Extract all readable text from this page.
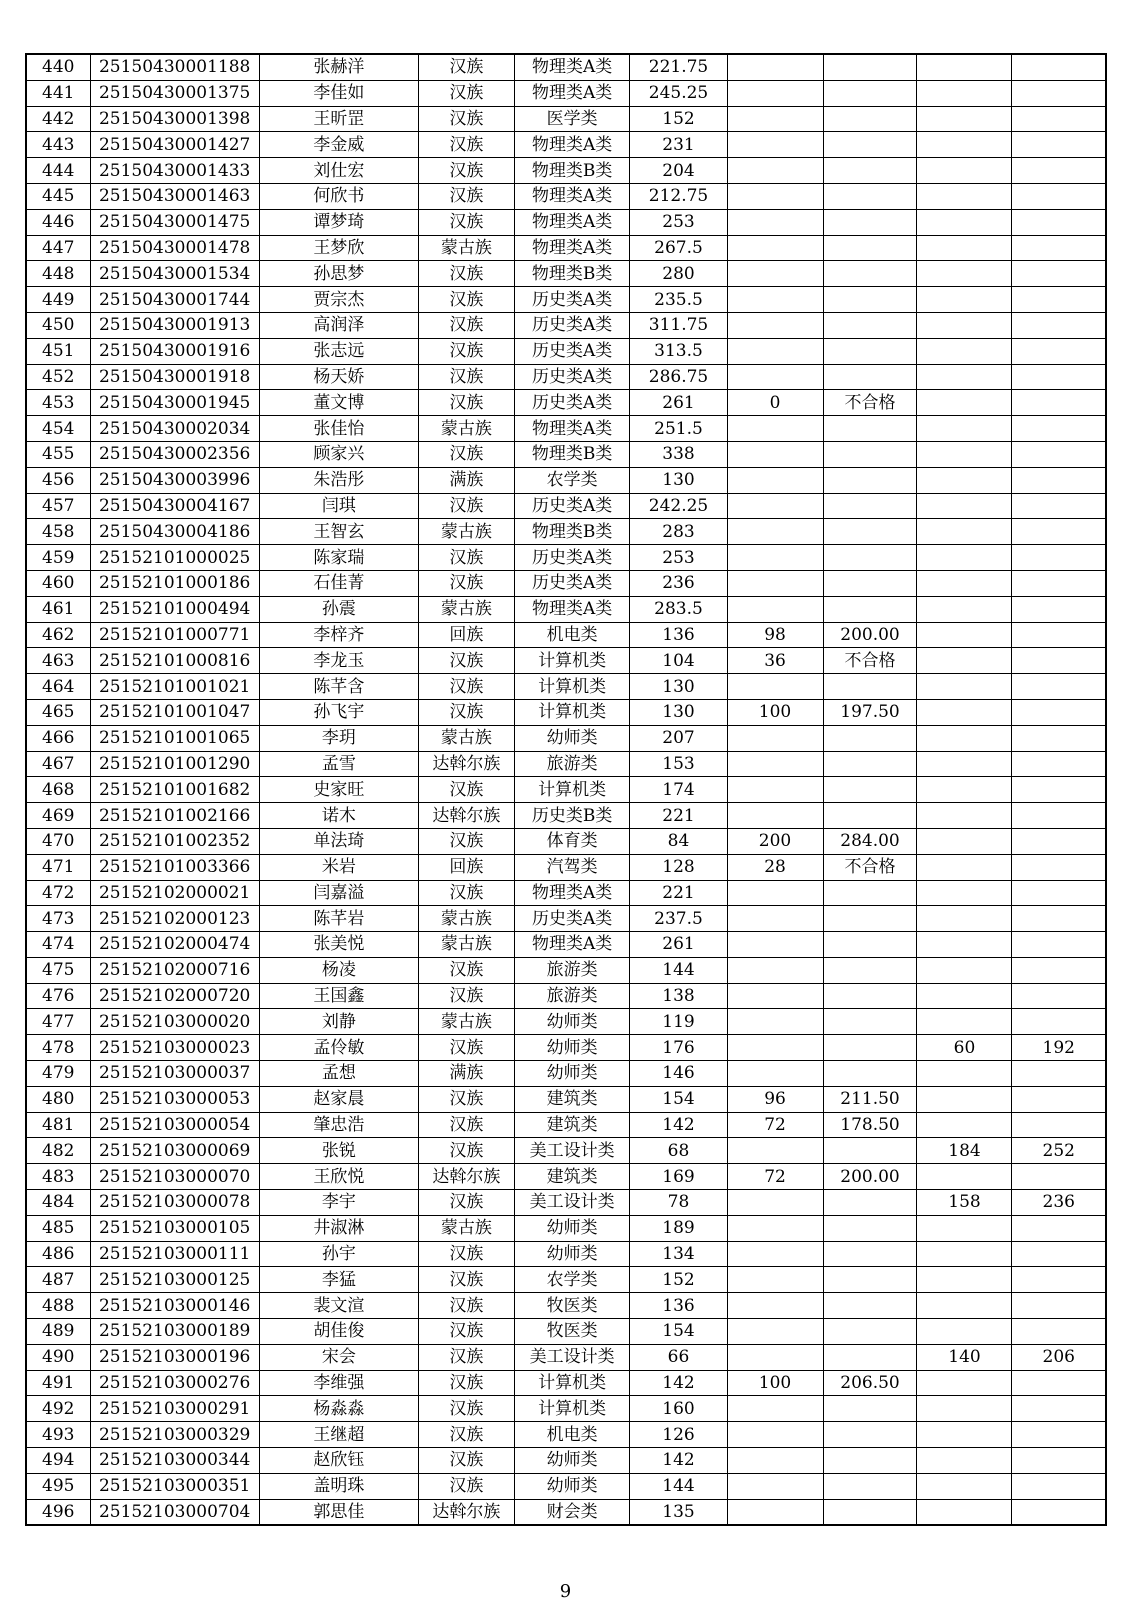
440	25150430001188	张赫洋	汉族	物理类A类	221.75				
441	25150430001375	李佳如	汉族	物理类A类	245.25				
442	25150430001398	王昕罡	汉族	医学类	152				
443	25150430001427	李金威	汉族	物理类A类	231				
444	25150430001433	刘仕宏	汉族	物理类B类	204				
445	25150430001463	何欣书	汉族	物理类A类	212.75				
446	25150430001475	谭梦琦	汉族	物理类A类	253				
447	25150430001478	王梦欣	蒙古族	物理类A类	267.5				
448	25150430001534	孙思梦	汉族	物理类B类	280				
449	25150430001744	贾宗杰	汉族	历史类A类	235.5				
450	25150430001913	高润泽	汉族	历史类A类	311.75				
451	25150430001916	张志远	汉族	历史类A类	313.5				
452	25150430001918	杨天娇	汉族	历史类A类	286.75				
453	25150430001945	董文博	汉族	历史类A类	261	0	不合格		
454	25150430002034	张佳怡	蒙古族	物理类A类	251.5				
455	25150430002356	顾家兴	汉族	物理类B类	338				
456	25150430003996	朱浩彤	满族	农学类	130				
457	25150430004167	闫琪	汉族	历史类A类	242.25				
458	25150430004186	王智玄	蒙古族	物理类B类	283				
459	25152101000025	陈家瑞	汉族	历史类A类	253				
460	25152101000186	石佳菁	汉族	历史类A类	236				
461	25152101000494	孙震	蒙古族	物理类A类	283.5				
462	25152101000771	李梓齐	回族	机电类	136	98	200.00		
463	25152101000816	李龙玉	汉族	计算机类	104	36	不合格		
464	25152101001021	陈芊含	汉族	计算机类	130				
465	25152101001047	孙飞宇	汉族	计算机类	130	100	197.50		
466	25152101001065	李玥	蒙古族	幼师类	207				
467	25152101001290	孟雪	达斡尔族	旅游类	153				
468	25152101001682	史家旺	汉族	计算机类	174				
469	25152101002166	诺木	达斡尔族	历史类B类	221				
470	25152101002352	单法琦	汉族	体育类	84	200	284.00		
471	25152101003366	米岩	回族	汽驾类	128	28	不合格		
472	25152102000021	闫嘉溢	汉族	物理类A类	221				
473	25152102000123	陈芊岩	蒙古族	历史类A类	237.5				
474	25152102000474	张美悦	蒙古族	物理类A类	261				
475	25152102000716	杨凌	汉族	旅游类	144				
476	25152102000720	王国鑫	汉族	旅游类	138				
477	25152103000020	刘静	蒙古族	幼师类	119				
478	25152103000023	孟伶敏	汉族	幼师类	176			60	192
479	25152103000037	孟想	满族	幼师类	146				
480	25152103000053	赵家晨	汉族	建筑类	154	96	211.50		
481	25152103000054	肇忠浩	汉族	建筑类	142	72	178.50		
482	25152103000069	张锐	汉族	美工设计类	68			184	252
483	25152103000070	王欣悦	达斡尔族	建筑类	169	72	200.00		
484	25152103000078	李宇	汉族	美工设计类	78			158	236
485	25152103000105	井淑淋	蒙古族	幼师类	189				
486	25152103000111	孙宇	汉族	幼师类	134				
487	25152103000125	李猛	汉族	农学类	152				
488	25152103000146	裴文渲	汉族	牧医类	136				
489	25152103000189	胡佳俊	汉族	牧医类	154				
490	25152103000196	宋会	汉族	美工设计类	66			140	206
491	25152103000276	李维强	汉族	计算机类	142	100	206.50		
492	25152103000291	杨淼淼	汉族	计算机类	160				
493	25152103000329	王继超	汉族	机电类	126				
494	25152103000344	赵欣钰	汉族	幼师类	142				
495	25152103000351	盖明珠	汉族	幼师类	144				
496	25152103000704	郭思佳	达斡尔族	财会类	135				
9
